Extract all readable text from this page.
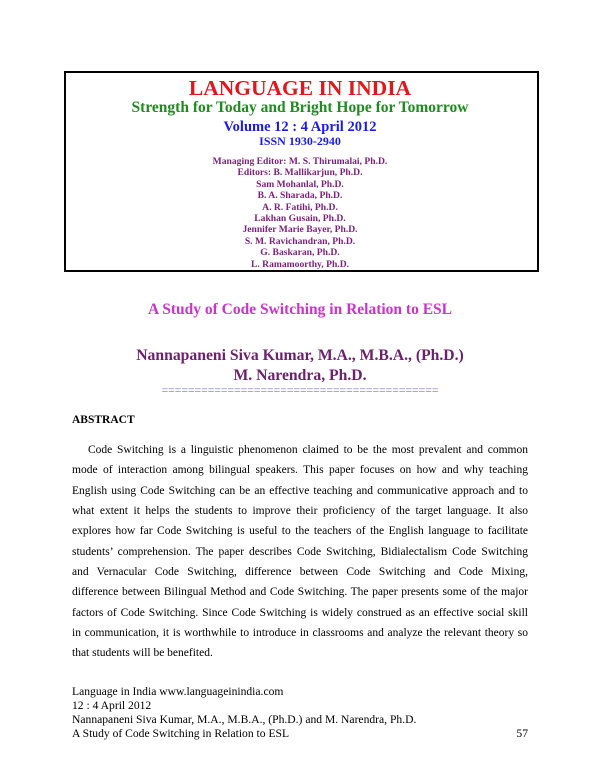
LANGUAGE IN INDIA
Strength for Today and Bright Hope for Tomorrow
Volume 12 : 4 April 2012
ISSN 1930-2940
Managing Editor: M. S. Thirumalai, Ph.D.
Editors: B. Mallikarjun, Ph.D.
Sam Mohanlal, Ph.D.
B. A. Sharada, Ph.D.
A. R. Fatihi, Ph.D.
Lakhan Gusain, Ph.D.
Jennifer Marie Bayer, Ph.D.
S. M. Ravichandran, Ph.D.
G. Baskaran, Ph.D.
L. Ramamoorthy, Ph.D.
A Study of Code Switching in Relation to ESL
Nannapaneni Siva Kumar, M.A., M.B.A., (Ph.D.)
M. Narendra, Ph.D.
==========================================
ABSTRACT
Code Switching is a linguistic phenomenon claimed to be the most prevalent and common
mode of interaction among bilingual speakers. This paper focuses on how and why teaching
English using Code Switching can be an effective teaching and communicative approach and to
what extent it helps the students to improve their proficiency of the target language. It also
explores how far Code Switching is useful to the teachers of the English language to facilitate
students’ comprehension. The paper describes Code Switching, Bidialectalism Code Switching
and Vernacular Code Switching, difference between Code Switching and Code Mixing,
difference between Bilingual Method and Code Switching. The paper presents some of the major
factors of Code Switching. Since Code Switching is widely construed as an effective social skill
in communication, it is worthwhile to introduce in classrooms and analyze the relevant theory so
that students will be benefited.
Language in India www.languageinindia.com
12 : 4 April 2012
Nannapaneni Siva Kumar, M.A., M.B.A., (Ph.D.) and M. Narendra, Ph.D.
A Study of Code Switching in Relation to ESL	57
